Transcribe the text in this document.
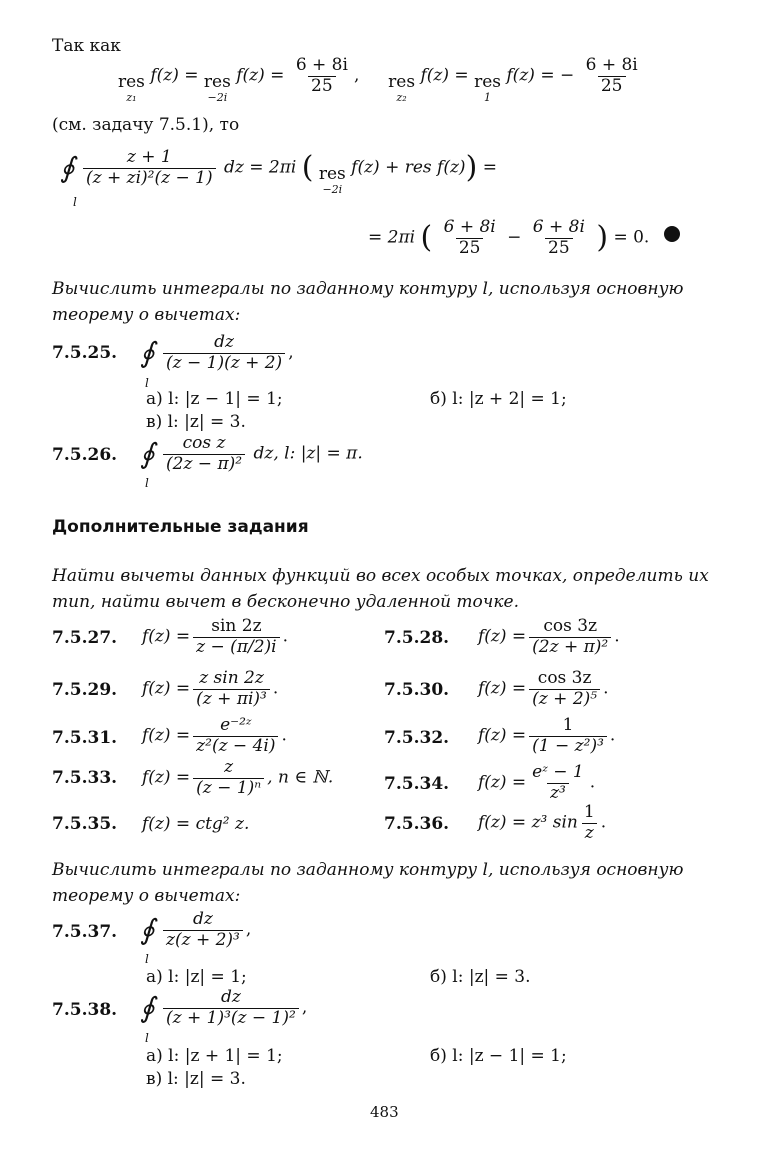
Так как
res
z₁
f(z) = res
−2i
$f(z) = \frac{6 + 8i}{25}$ , res
z₂
f(z) = res
1
f(z) = − $\frac{6 + 8i}{25}$
(см. задачу 7.5.1), то
∮ $\frac{z + 1}{\text{(z + zi)²(z − 1)}}$ dz = 2πi ( res
−2i
f(z) + res f(z)) =
l
= 2πi ( $\frac{6 + 8i}{25} - \frac{6 + 8i}{25}$ ) = 0.
Вычислить интегралы по заданному контуру l, используя основную теорему о вычетах:
7.5.25. ∮ $\frac{dz}{(z - 1)(z + 2)}$ ,
l
а) l: |z − 1| = 1;	б) l: |z + 2| = 1;
в) l: |z| = 3.
7.5.26. ∮ $\frac{\text{cos z}}{\text{(2z − π)²}}$ dz, l: |z| = π.
l
Дополнительные задания
Найти вычеты данных функций во всех особых точках, определить их тип, найти вычет в бесконечно удаленной точке.
7.5.27. $f(z) = \frac{\sin 2z}{z - (\pi/2)i}$ .	7.5.28. $f(z) = \frac{\cos 3z}{\text{(2z + π)²}}$ .
7.5.29. $f(z) = \frac{\text{z sin 2z}}{\text{(z + πi)³}}$ .	7.5.30. $f(z) = \frac{\cos 3z}{\text{(z + 2)⁵}}$ .
7.5.31. $f(z) = \frac{\text{e⁻²ᶻ}}{\text{z²(z − 4i)}}$ .	7.5.32. $f(z) = \frac{1}{\text{(1 − z²)³}}$ .
7.5.33. $f(z) = \frac{z}{\text{(z − 1)ⁿ}}$ , n ∈ ℕ.	7.5.34. $f(z) = \frac{\text{eᶻ − 1}}{\text{z³}}$ .
7.5.35. f(z) = ctg² z.	7.5.36. f(z) = z³ $\sin \frac{1}{z}$ .
Вычислить интегралы по заданному контуру l, используя основную теорему о вычетах:
7.5.37. ∮ $\frac{dz}{\text{z(z + 2)³}}$ ,
l
а) l: |z| = 1;	б) l: |z| = 3.
7.5.38. ∮ $\frac{dz}{\text{(z + 1)³(z − 1)²}}$ ,
l
а) l: |z + 1| = 1;	б) l: |z − 1| = 1;
в) l: |z| = 3.
483
